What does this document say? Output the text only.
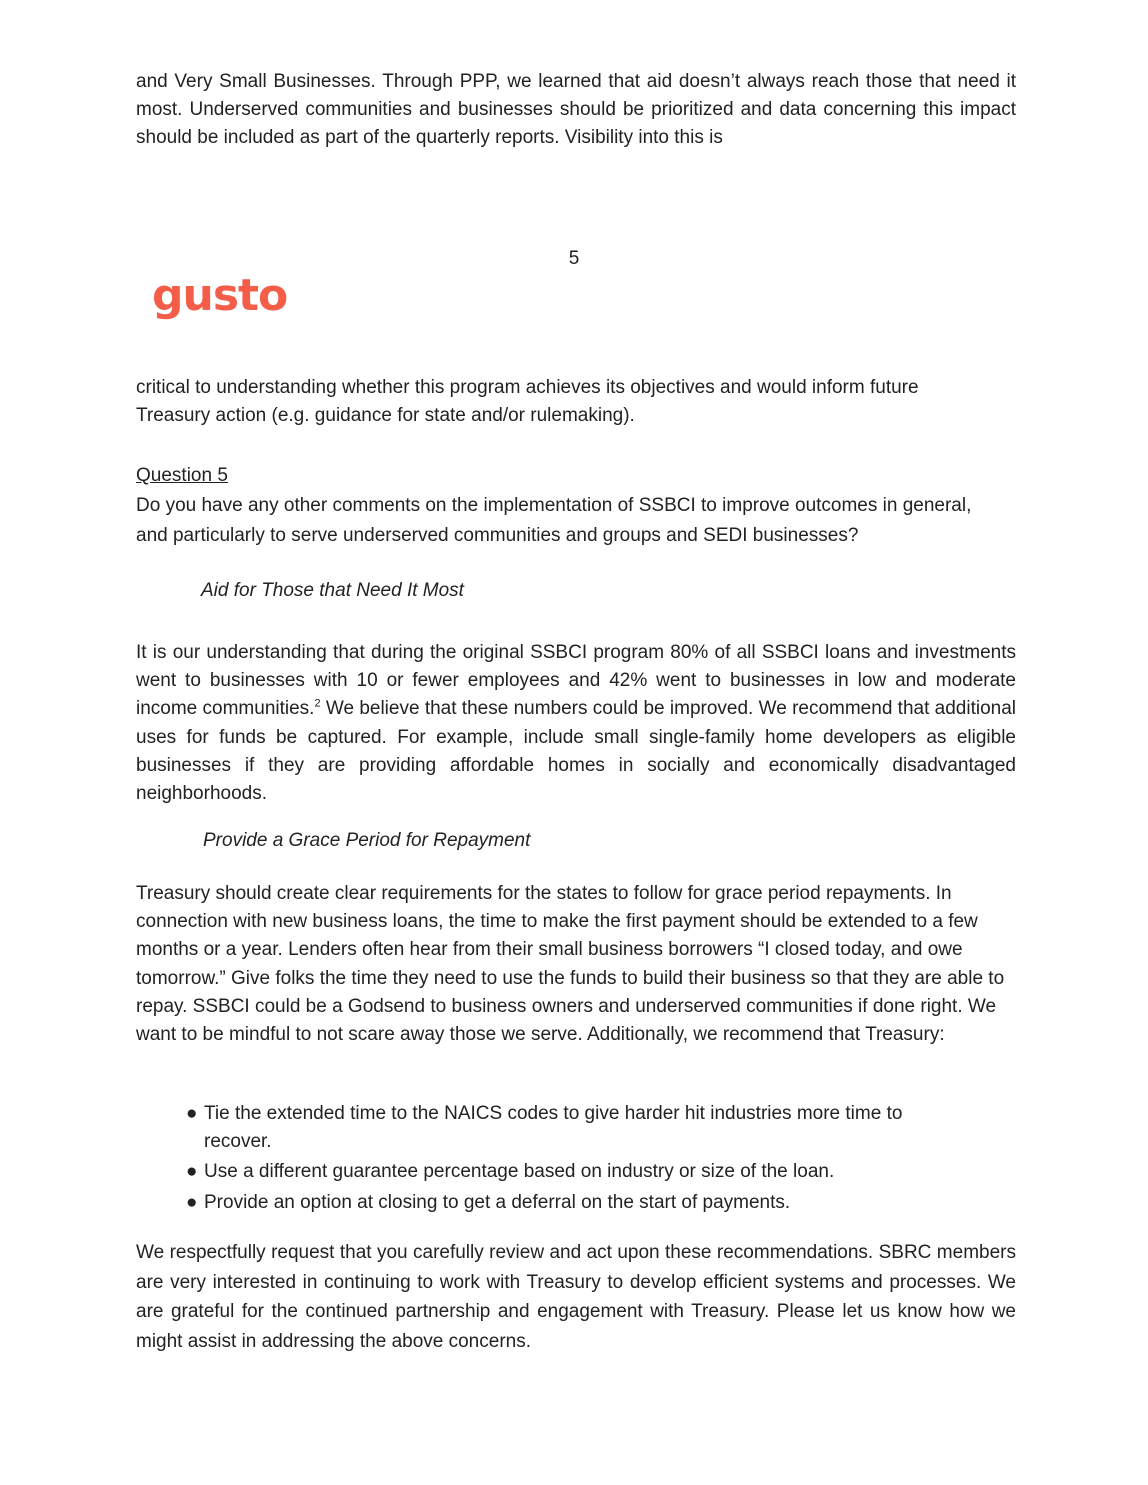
and Very Small Businesses. Through PPP, we learned that aid doesn’t always reach those that need it most. Underserved communities and businesses should be prioritized and data concerning this impact should be included as part of the quarterly reports. Visibility into this is
5
gusto
critical to understanding whether this program achieves its objectives and would inform future Treasury action (e.g. guidance for state and/or rulemaking).
Question 5
Do you have any other comments on the implementation of SSBCI to improve outcomes in general, and particularly to serve underserved communities and groups and SEDI businesses?
Aid for Those that Need It Most
It is our understanding that during the original SSBCI program 80% of all SSBCI loans and investments went to businesses with 10 or fewer employees and 42% went to businesses in low and moderate income communities.$^2$ We believe that these numbers could be improved. We recommend that additional uses for funds be captured. For example, include small single-family home developers as eligible businesses if they are providing affordable homes in socially and economically disadvantaged neighborhoods.
Provide a Grace Period for Repayment
Treasury should create clear requirements for the states to follow for grace period repayments. In connection with new business loans, the time to make the first payment should be extended to a few months or a year. Lenders often hear from their small business borrowers “I closed today, and owe tomorrow.” Give folks the time they need to use the funds to build their business so that they are able to repay. SSBCI could be a Godsend to business owners and underserved communities if done right. We want to be mindful to not scare away those we serve. Additionally, we recommend that Treasury:
● Tie the extended time to the NAICS codes to give harder hit industries more time to recover.
● Use a different guarantee percentage based on industry or size of the loan.
● Provide an option at closing to get a deferral on the start of payments.
We respectfully request that you carefully review and act upon these recommendations. SBRC members are very interested in continuing to work with Treasury to develop efficient systems and processes. We are grateful for the continued partnership and engagement with Treasury. Please let us know how we might assist in addressing the above concerns.
